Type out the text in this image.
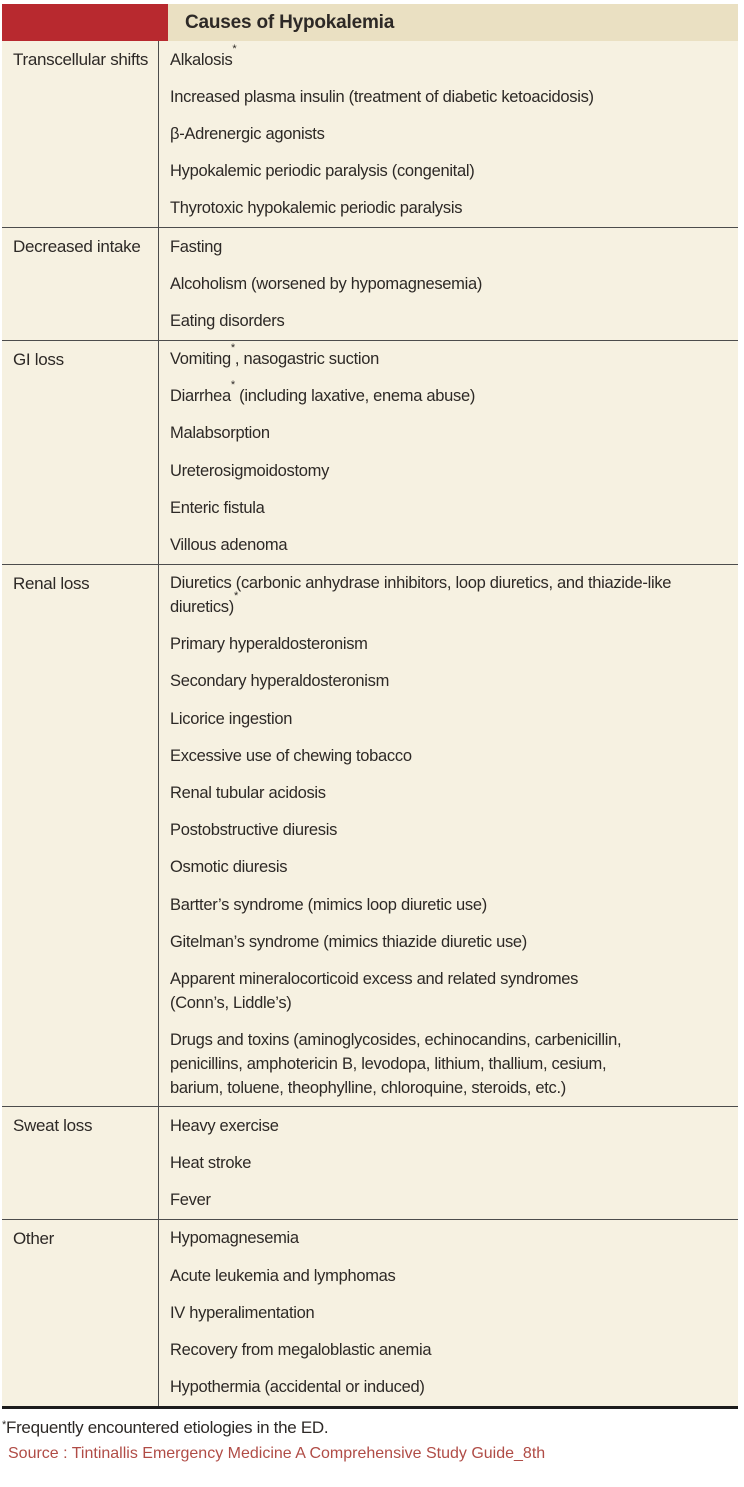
Causes of Hypokalemia
Transcellular shifts	Alkalosis*
Increased plasma insulin (treatment of diabetic ketoacidosis)
β-Adrenergic agonists
Hypokalemic periodic paralysis (congenital)
Thyrotoxic hypokalemic periodic paralysis
Decreased intake	Fasting
Alcoholism (worsened by hypomagnesemia)
Eating disorders
GI loss	Vomiting*, nasogastric suction
Diarrhea* (including laxative, enema abuse)
Malabsorption
Ureterosigmoidostomy
Enteric fistula
Villous adenoma
Renal loss	Diuretics (carbonic anhydrase inhibitors, loop diuretics, and thiazide-like
diuretics)*
Primary hyperaldosteronism
Secondary hyperaldosteronism
Licorice ingestion
Excessive use of chewing tobacco
Renal tubular acidosis
Postobstructive diuresis
Osmotic diuresis
Bartter’s syndrome (mimics loop diuretic use)
Gitelman’s syndrome (mimics thiazide diuretic use)
Apparent mineralocorticoid excess and related syndromes
(Conn’s, Liddle’s)
Drugs and toxins (aminoglycosides, echinocandins, carbenicillin,
penicillins, amphotericin B, levodopa, lithium, thallium, cesium,
barium, toluene, theophylline, chloroquine, steroids, etc.)
Sweat loss	Heavy exercise
Heat stroke
Fever
Other	Hypomagnesemia
Acute leukemia and lymphomas
IV hyperalimentation
Recovery from megaloblastic anemia
Hypothermia (accidental or induced)
*Frequently encountered etiologies in the ED.
Source : Tintinallis Emergency Medicine A Comprehensive Study Guide_8th
